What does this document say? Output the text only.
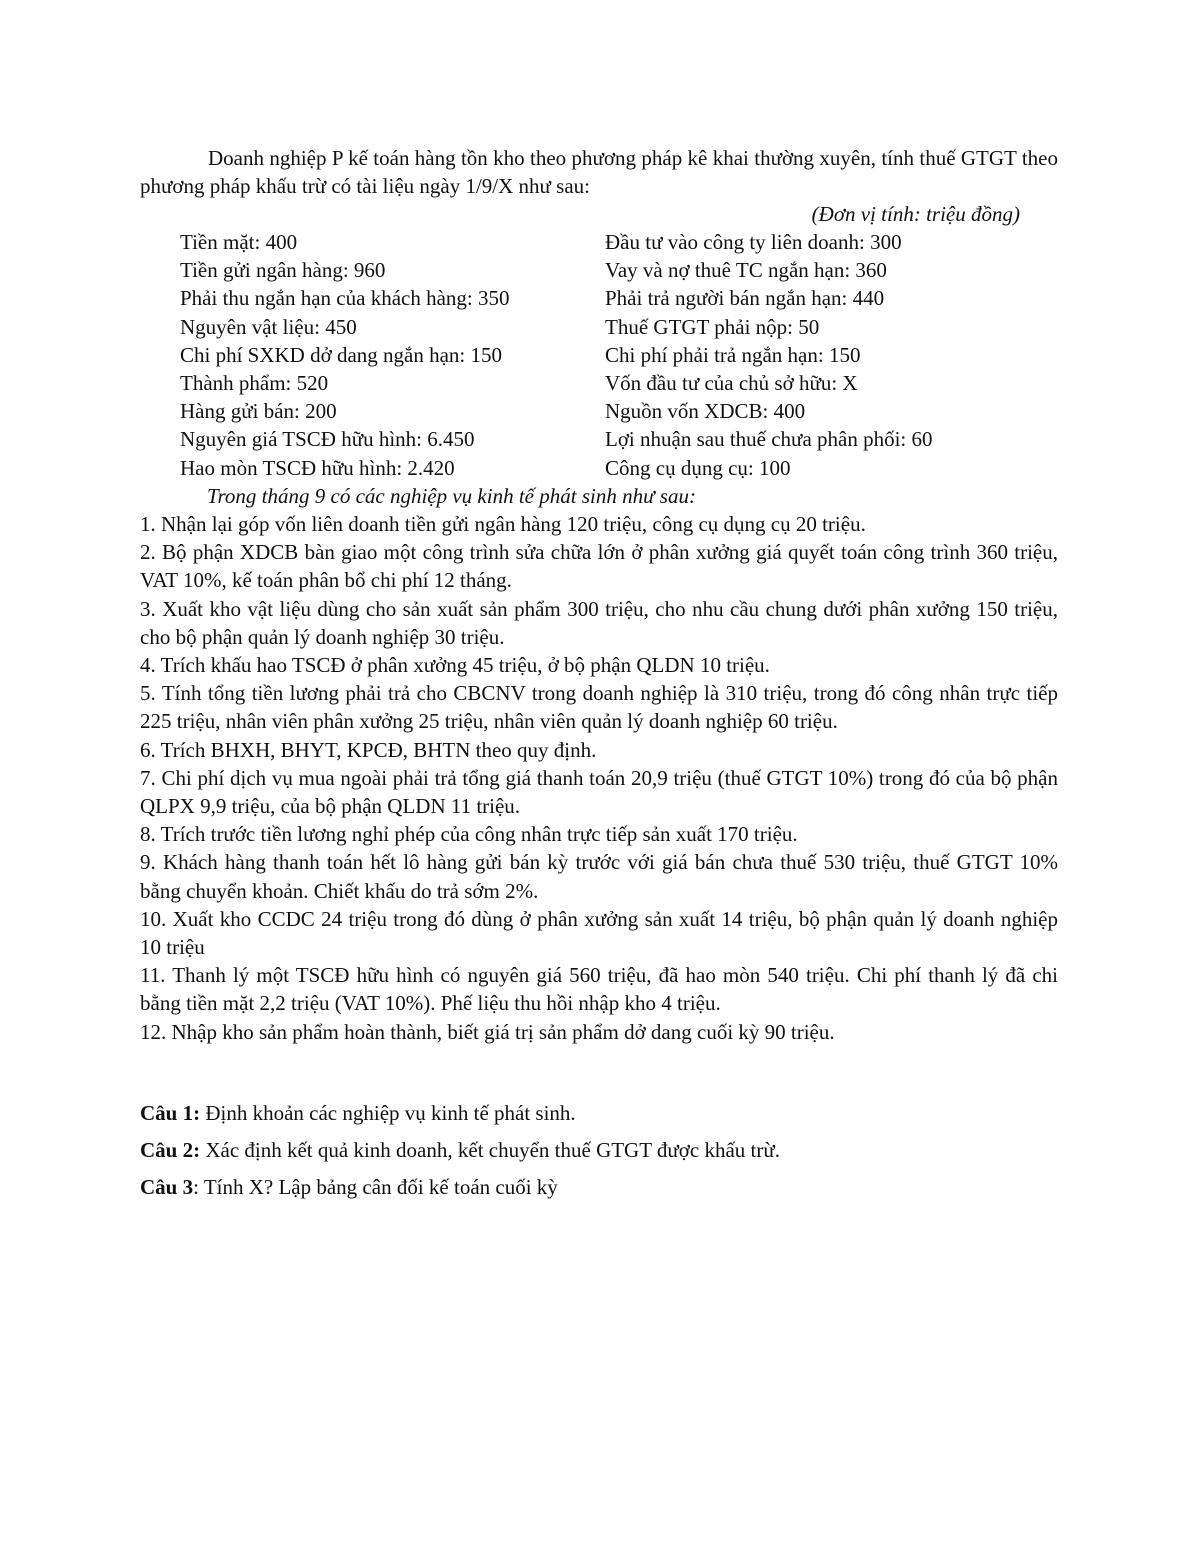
Doanh nghiệp P kế toán hàng tồn kho theo phương pháp kê khai thường xuyên, tính thuế GTGT theo phương pháp khấu trừ có tài liệu ngày 1/9/X như sau:
(Đơn vị tính: triệu đồng)
Tiền mặt: 400	Đầu tư vào công ty liên doanh: 300
Tiền gửi ngân hàng: 960	Vay và nợ thuê TC ngắn hạn: 360
Phải thu ngắn hạn của khách hàng: 350	Phải trả người bán ngắn hạn: 440
Nguyên vật liệu: 450	Thuế GTGT phải nộp: 50
Chi phí SXKD dở dang ngắn hạn: 150	Chi phí phải trả ngắn hạn: 150
Thành phẩm: 520	Vốn đầu tư của chủ sở hữu: X
Hàng gửi bán: 200	Nguồn vốn XDCB: 400
Nguyên giá TSCĐ hữu hình: 6.450	Lợi nhuận sau thuế chưa phân phối: 60
Hao mòn TSCĐ hữu hình: 2.420	Công cụ dụng cụ: 100
Trong tháng 9 có các nghiệp vụ kinh tế phát sinh như sau:
1. Nhận lại góp vốn liên doanh tiền gửi ngân hàng 120 triệu, công cụ dụng cụ 20 triệu.
2. Bộ phận XDCB bàn giao một công trình sửa chữa lớn ở phân xưởng giá quyết toán công trình 360 triệu, VAT 10%, kế toán phân bổ chi phí 12 tháng.
3. Xuất kho vật liệu dùng cho sản xuất sản phẩm 300 triệu, cho nhu cầu chung dưới phân xưởng 150 triệu, cho bộ phận quản lý doanh nghiệp 30 triệu.
4. Trích khấu hao TSCĐ ở phân xưởng 45 triệu, ở bộ phận QLDN 10 triệu.
5. Tính tổng tiền lương phải trả cho CBCNV trong doanh nghiệp là 310 triệu, trong đó công nhân trực tiếp 225 triệu, nhân viên phân xưởng 25 triệu, nhân viên quản lý doanh nghiệp 60 triệu.
6. Trích BHXH, BHYT, KPCĐ, BHTN theo quy định.
7. Chi phí dịch vụ mua ngoài phải trả tổng giá thanh toán 20,9 triệu (thuế GTGT 10%) trong đó của bộ phận QLPX 9,9 triệu, của bộ phận QLDN 11 triệu.
8. Trích trước tiền lương nghỉ phép của công nhân trực tiếp sản xuất 170 triệu.
9. Khách hàng thanh toán hết lô hàng gửi bán kỳ trước với giá bán chưa thuế 530 triệu, thuế GTGT 10% bằng chuyển khoản. Chiết khấu do trả sớm 2%.
10. Xuất kho CCDC 24 triệu trong đó dùng ở phân xưởng sản xuất 14 triệu, bộ phận quản lý doanh nghiệp 10 triệu
11. Thanh lý một TSCĐ hữu hình có nguyên giá 560 triệu, đã hao mòn 540 triệu. Chi phí thanh lý đã chi bằng tiền mặt 2,2 triệu (VAT 10%). Phế liệu thu hồi nhập kho 4 triệu.
12. Nhập kho sản phẩm hoàn thành, biết giá trị sản phẩm dở dang cuối kỳ 90 triệu.
Câu 1: Định khoản các nghiệp vụ kinh tế phát sinh.
Câu 2: Xác định kết quả kinh doanh, kết chuyển thuế GTGT được khấu trừ.
Câu 3: Tính X? Lập bảng cân đối kế toán cuối kỳ
